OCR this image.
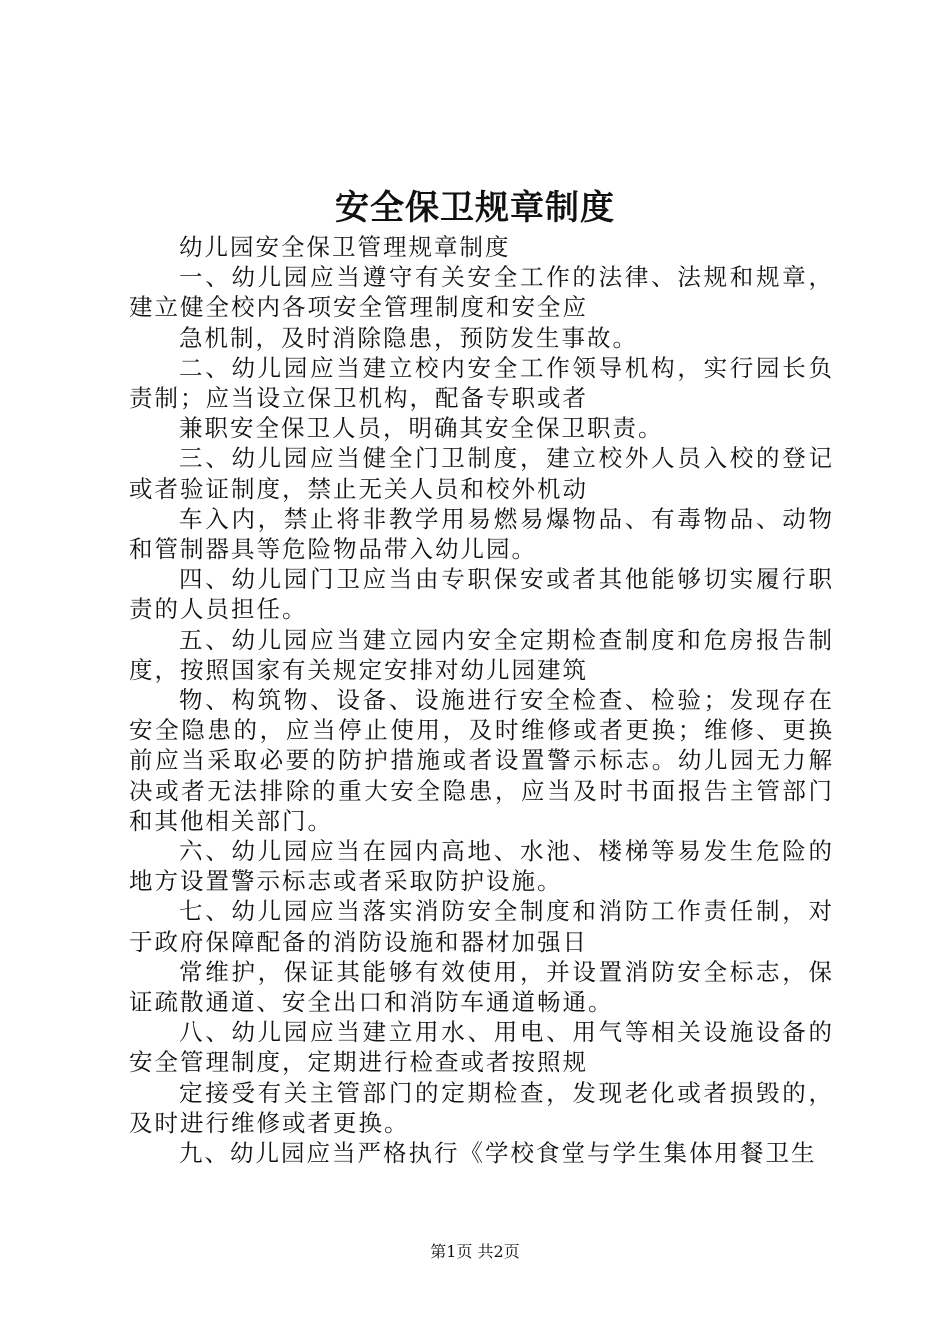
安全保卫规章制度
幼儿园安全保卫管理规章制度
一、幼儿园应当遵守有关安全工作的法律、法规和规章，
建立健全校内各项安全管理制度和安全应
急机制，及时消除隐患，预防发生事故。
二、幼儿园应当建立校内安全工作领导机构，实行园长负
责制；应当设立保卫机构，配备专职或者
兼职安全保卫人员，明确其安全保卫职责。
三、幼儿园应当健全门卫制度，建立校外人员入校的登记
或者验证制度，禁止无关人员和校外机动
车入内，禁止将非教学用易燃易爆物品、有毒物品、动物
和管制器具等危险物品带入幼儿园。
四、幼儿园门卫应当由专职保安或者其他能够切实履行职
责的人员担任。
五、幼儿园应当建立园内安全定期检查制度和危房报告制
度，按照国家有关规定安排对幼儿园建筑
物、构筑物、设备、设施进行安全检查、检验；发现存在
安全隐患的，应当停止使用，及时维修或者更换；维修、更换
前应当采取必要的防护措施或者设置警示标志。幼儿园无力解
决或者无法排除的重大安全隐患，应当及时书面报告主管部门
和其他相关部门。
六、幼儿园应当在园内高地、水池、楼梯等易发生危险的
地方设置警示标志或者采取防护设施。
七、幼儿园应当落实消防安全制度和消防工作责任制，对
于政府保障配备的消防设施和器材加强日
常维护，保证其能够有效使用，并设置消防安全标志，保
证疏散通道、安全出口和消防车通道畅通。
八、幼儿园应当建立用水、用电、用气等相关设施设备的
安全管理制度，定期进行检查或者按照规
定接受有关主管部门的定期检查，发现老化或者损毁的，
及时进行维修或者更换。
九、幼儿园应当严格执行《学校食堂与学生集体用餐卫生
第1页 共2页
